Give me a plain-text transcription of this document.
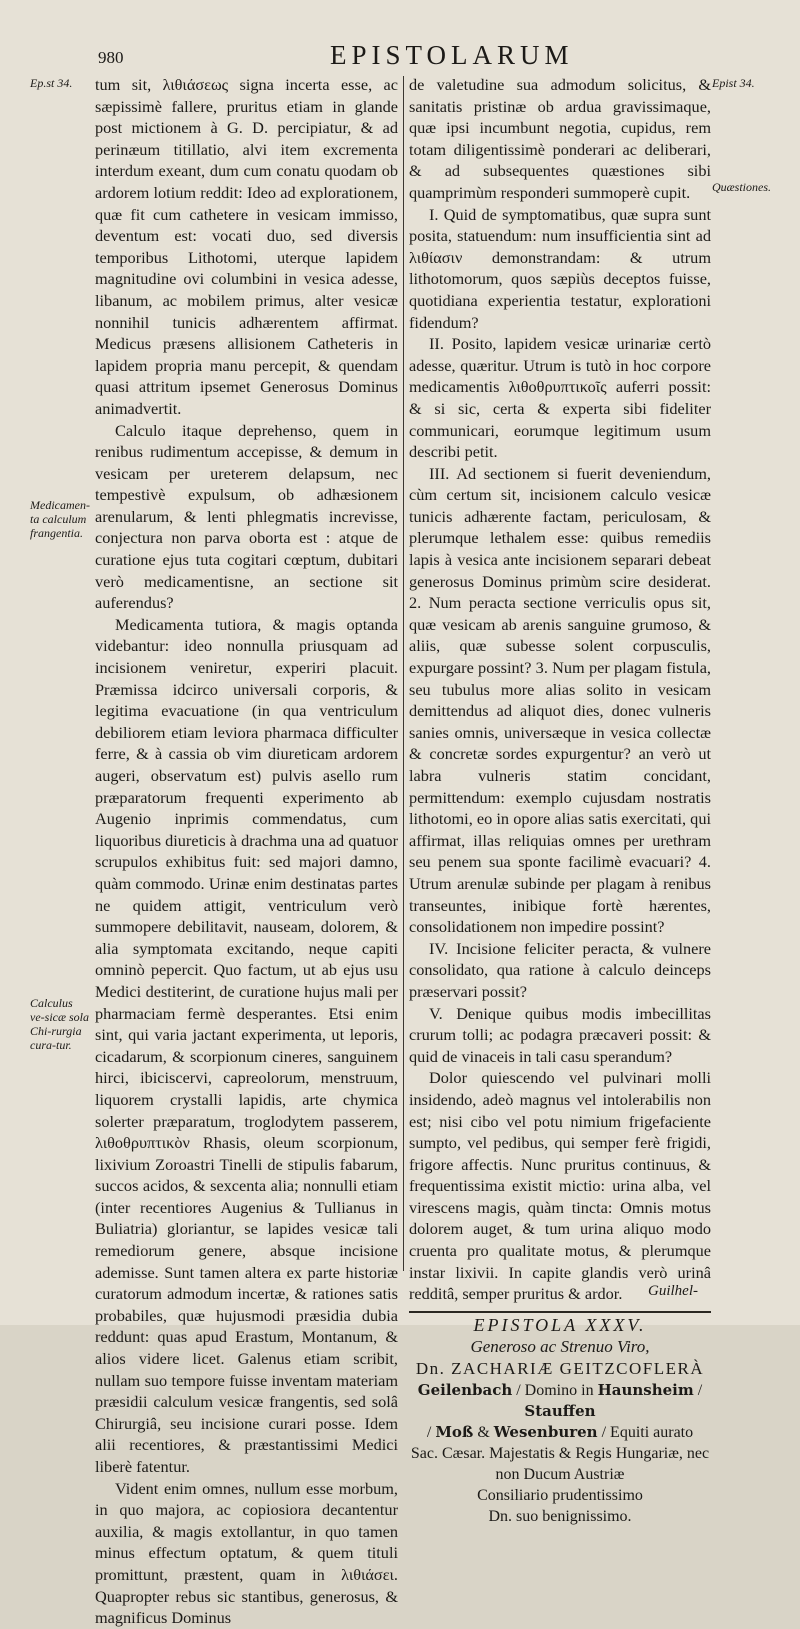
980	EPISTOLARUM
Ep.st 34.	Epist 34.
Quæstiones.
Medicamen-ta calculum frangentia.
Calculus ve-sicæ sola Chi-rurgia cura-tur.

tum sit, λιθιάσεως signa incerta esse, ac sæpissimè fallere, pruritus etiam in glande post mictionem à G. D. percipiatur, & ad perinæum titillatio, alvi item excrementa interdum exeant, dum cum conatu quodam ob ardorem lotium reddit: Ideo ad explorationem, quæ fit cum cathetere in vesicam immisso, deventum est: vocati duo, sed diversis temporibus Lithotomi, uterque lapidem magnitudine ovi columbini in vesica adesse, libanum, ac mobilem primus, alter vesicæ nonnihil tunicis adhærentem affirmat. Medicus præsens allisionem Catheteris in lapidem propria manu percepit, & quendam quasi attritum ipsemet Generosus Dominus animadvertit.

Calculo itaque deprehenso, quem in renibus rudimentum accepisse, & demum in vesicam per ureterem delapsum, nec tempestivè expulsum, ob adhæsionem arenularum, & lenti phlegmatis increvisse, conjectura non parva oborta est : atque de curatione ejus tuta cogitari cœptum, dubitari verò medicamentisne, an sectione sit auferendus?

Medicamenta tutiora, & magis optanda videbantur: ideo nonnulla priusquam ad incisionem veniretur, experiri placuit. Præmissa idcirco universali corporis, & legitima evacuatione (in qua ventriculum debiliorem etiam leviora pharmaca difficulter ferre, & à cassia ob vim diureticam ardorem augeri, observatum est) pulvis asello rum præparatorum frequenti experimento ab Augenio inprimis commendatus, cum liquoribus diureticis à drachma una ad quatuor scrupulos exhibitus fuit: sed majori damno, quàm commodo. Urinæ enim destinatas partes ne quidem attigit, ventriculum verò summopere debilitavit, nauseam, dolorem, & alia symptomata excitando, neque capiti omninò pepercit. Quo factum, ut ab ejus usu Medici destiterint, de curatione hujus mali per pharmaciam fermè desperantes. Etsi enim sint, qui varia jactant experimenta, ut leporis, cicadarum, & scorpionum cineres, sanguinem hirci, ibiciscervi, capreolorum, menstruum, liquorem crystalli lapidis, arte chymica solerter præparatum, troglodytem passerem, λιθοθρυπτικὸν Rhasis, oleum scorpionum, lixivium Zoroastri Tinelli de stipulis fabarum, succos acidos, & sexcenta alia; nonnulli etiam (inter recentiores Augenius & Tullianus in Buliatria) gloriantur, se lapides vesicæ tali remediorum genere, absque incisione ademisse. Sunt tamen altera ex parte historiæ curatorum admodum incertæ, & rationes satis probabiles, quæ hujusmodi præsidia dubia reddunt: quas apud Erastum, Montanum, & alios videre licet. Galenus etiam scribit, nullam suo tempore fuisse inventam materiam præsidii calculum vesicæ frangentis, sed solâ Chirurgiâ, seu incisione curari posse. Idem alii recentiores, & præstantissimi Medici liberè fatentur.

Vident enim omnes, nullum esse morbum, in quo majora, ac copiosiora decantentur auxilia, & magis extollantur, in quo tamen minus effectum optatum, & quem tituli promittunt, præstent, quam in λιθιάσει. Quapropter rebus sic stantibus, generosus, & magnificus Dominus

de valetudine sua admodum solicitus, & sanitatis pristinæ ob ardua gravissimaque, quæ ipsi incumbunt negotia, cupidus, rem totam diligentissimè ponderari ac deliberari, & ad subsequentes quæstiones sibi quamprimùm responderi summoperè cupit.

I. Quid de symptomatibus, quæ supra sunt posita, statuendum: num insufficientia sint ad λιθίασιν demonstrandam: & utrum lithotomorum, quos sæpiùs deceptos fuisse, quotidiana experientia testatur, explorationi fidendum?

II. Posito, lapidem vesicæ urinariæ certò adesse, quæritur. Utrum is tutò in hoc corpore medicamentis λιθοθρυπτικοῖς auferri possit: & si sic, certa & experta sibi fideliter communicari, eorumque legitimum usum describi petit.

III. Ad sectionem si fuerit deveniendum, cùm certum sit, incisionem calculo vesicæ tunicis adhærente factam, periculosam, & plerumque lethalem esse: quibus remediis lapis à vesica ante incisionem separari debeat generosus Dominus primùm scire desiderat. 2. Num peracta sectione verriculis opus sit, quæ vesicam ab arenis sanguine grumoso, & aliis, quæ subesse solent corpusculis, expurgare possint? 3. Num per plagam fistula, seu tubulus more alias solito in vesicam demittendus ad aliquot dies, donec vulneris sanies omnis, universæque in vesica collectæ & concretæ sordes expurgentur? an verò ut labra vulneris statim concidant, permittendum: exemplo cujusdam nostratis lithotomi, eo in opore alias satis exercitati, qui affirmat, illas reliquias omnes per urethram seu penem sua sponte facilimè evacuari? 4. Utrum arenulæ subinde per plagam à renibus transeuntes, inibique fortè hærentes, consolidationem non impedire possint?

IV. Incisione feliciter peracta, & vulnere consolidato, qua ratione à calculo deinceps præservari possit?

V. Denique quibus modis imbecillitas crurum tolli; ac podagra præcaveri possit: & quid de vinaceis in tali casu sperandum?

Dolor quiescendo vel pulvinari molli insidendo, adeò magnus vel intolerabilis non est; nisi cibo vel potu nimium frigefaciente sumpto, vel pedibus, qui semper ferè frigidi, frigore affectis. Nunc pruritus continuus, & frequentissima existit mictio: urina alba, vel virescens magis, quàm tincta: Omnis motus dolorem auget, & tum urina aliquo modo cruenta pro qualitate motus, & plerumque instar lixivii. In capite glandis verò urinâ redditâ, semper pruritus & ardor.

EPISTOLA XXXV.
Generoso ac Strenuo Viro,
Dn. ZACHARIÆ GEITZCOFLERÀ
Geilenbach / Domino in Haunsheim / Stauffen
/ Moß & Wesenburen / Equiti aurato
Sac. Cæsar. Majestatis & Regis Hungariæ, nec non Ducum Austriæ
Consiliario prudentissimo
Dn. suo benignissimo.
Guilhel-
